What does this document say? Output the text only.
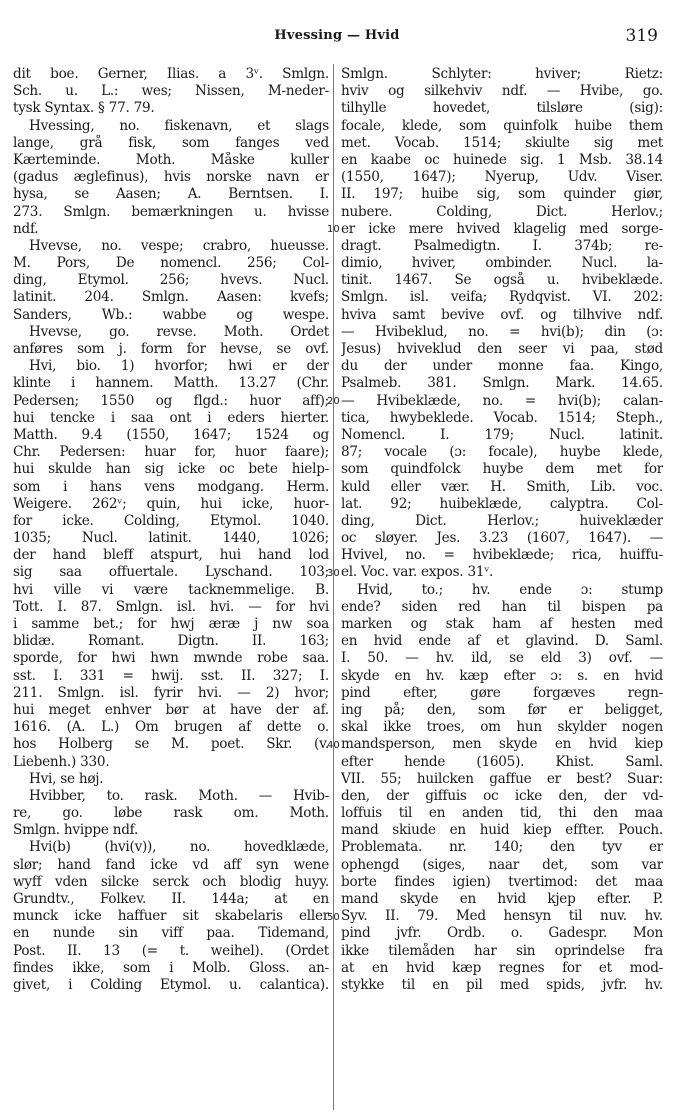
Hvessing — Hvid	319
dit boe. Gerner, Ilias. a 3ᵛ. Smlgn.
Sch. u. L.: wes; Nissen, M-neder-
tysk Syntax. § 77. 79.
Hvessing, no. fiskenavn, et slags
lange, grå fisk, som fanges ved
Kærteminde. Moth. Måske kuller
(gadus æglefinus), hvis norske navn er
hysa, se Aasen; A. Berntsen. I.
273. Smlgn. bemærkningen u. hvisse
ndf.
Hvevse, no. vespe; crabro, hueusse.
M. Pors, De nomencl. 256; Col-
ding, Etymol. 256; hvevs. Nucl.
latinit. 204. Smlgn. Aasen: kvefs;
Sanders, Wb.: wabbe og wespe.
Hvevse, go. revse. Moth. Ordet
anføres som j. form for hevse, se ovf.
Hvi, bio. 1) hvorfor; hwi er der
klinte i hannem. Matth. 13.27 (Chr.
Pedersen; 1550 og flgd.: huor aff);
hui tencke i saa ont i eders hierter.
Matth. 9.4 (1550, 1647; 1524 og
Chr. Pedersen: huar for, huor faare);
hui skulde han sig icke oc bete hielp-
som i hans vens modgang. Herm.
Weigere. 262ᵛ; quin, hui icke, huor-
for icke. Colding, Etymol. 1040.
1035; Nucl. latinit. 1440, 1026;
der hand bleff atspurt, hui hand lod
sig saa offuertale. Lyschand. 103;
hvi ville vi være tacknemmelige. B.
Tott. I. 87. Smlgn. isl. hvi. — for hvi
i samme bet.; for hwj æræ j nw soa
blidæ. Romant. Digtn. II. 163;
sporde, for hwi hwn mwnde robe saa.
sst. I. 331 = hwij. sst. II. 327; I.
211. Smlgn. isl. fyrir hvi. — 2) hvor;
hui meget enhver bør at have der af.
1616. (A. L.) Om brugen af dette o.
hos Holberg se M. poet. Skr. (v.
Liebenh.) 330.
Hvi, se høj.
Hvibber, to. rask. Moth. — Hvib-
re, go. løbe rask om. Moth.
Smlgn. hvippe ndf.
Hvi(b) (hvi(v)), no. hovedklæde,
slør; hand fand icke vd aff syn wene
wyff vden silcke serck och blodig huyy.
Grundtv., Folkev. II. 144a; at en
munck icke haffuer sit skabelaris eller
en nunde sin viff paa. Tidemand,
Post. II. 13 (= t. weihel). (Ordet
findes ikke, som i Molb. Gloss. an-
givet, i Colding Etymol. u. calantica).
10
20
30
40
50
Smlgn. Schlyter: hviver; Rietz:
hviv og silkehviv ndf. — Hvibe, go.
tilhylle hovedet, tilsløre (sig):
focale, klede, som quinfolk huibe them
met. Vocab. 1514; skiulte sig met
en kaabe oc huinede sig. 1 Msb. 38.14
(1550, 1647); Nyerup, Udv. Viser.
II. 197; huibe sig, som quinder giør,
nubere. Colding, Dict. Herlov.;
er icke mere hvived klagelig med sorge-
dragt. Psalmedigtn. I. 374b; re-
dimio, hviver, ombinder. Nucl. la-
tinit. 1467. Se også u. hvibeklæde.
Smlgn. isl. veifa; Rydqvist. VI. 202:
hviva samt bevive ovf. og tilhvive ndf.
— Hvibeklud, no. = hvi(b); din (ɔ:
Jesus) hviveklud den seer vi paa, stød
du der under monne faa. Kingo,
Psalmeb. 381. Smlgn. Mark. 14.65.
— Hvibeklæde, no. = hvi(b); calan-
tica, hwybeklede. Vocab. 1514; Steph.,
Nomencl. I. 179; Nucl. latinit.
87; vocale (ɔ: focale), huybe klede,
som quindfolck huybe dem met for
kuld eller vær. H. Smith, Lib. voc.
lat. 92; huibeklæde, calyptra. Col-
ding, Dict. Herlov.; huiveklæder
oc sløyer. Jes. 3.23 (1607, 1647). —
Hvivel, no. = hvibeklæde; rica, huiffu-
el. Voc. var. expos. 31ᵛ.
Hvid, to.; hv. ende ɔ: stump
ende? siden red han til bispen pa
marken og stak ham af hesten med
en hvid ende af et glavind. D. Saml.
I. 50. — hv. ild, se eld 3) ovf. —
skyde en hv. kæp efter ɔ: s. en hvid
pind efter, gøre forgæves regn-
ing på; den, som før er beligget,
skal ikke troes, om hun skylder nogen
mandsperson, men skyde en hvid kiep
efter hende (1605). Khist. Saml.
VII. 55; huilcken gaffue er best? Suar:
den, der giffuis oc icke den, der vd-
loffuis til en anden tid, thi den maa
mand skiude en huid kiep effter. Pouch.
Problemata. nr. 140; den tyv er
ophengd (siges, naar det, som var
borte findes igien) tvertimod: det maa
mand skyde en hvid kjep efter. P.
Syv. II. 79. Med hensyn til nuv. hv.
pind jvfr. Ordb. o. Gadespr. Mon
ikke tilemåden har sin oprindelse fra
at en hvid kæp regnes for et mod-
stykke til en pil med spids, jvfr. hv.
